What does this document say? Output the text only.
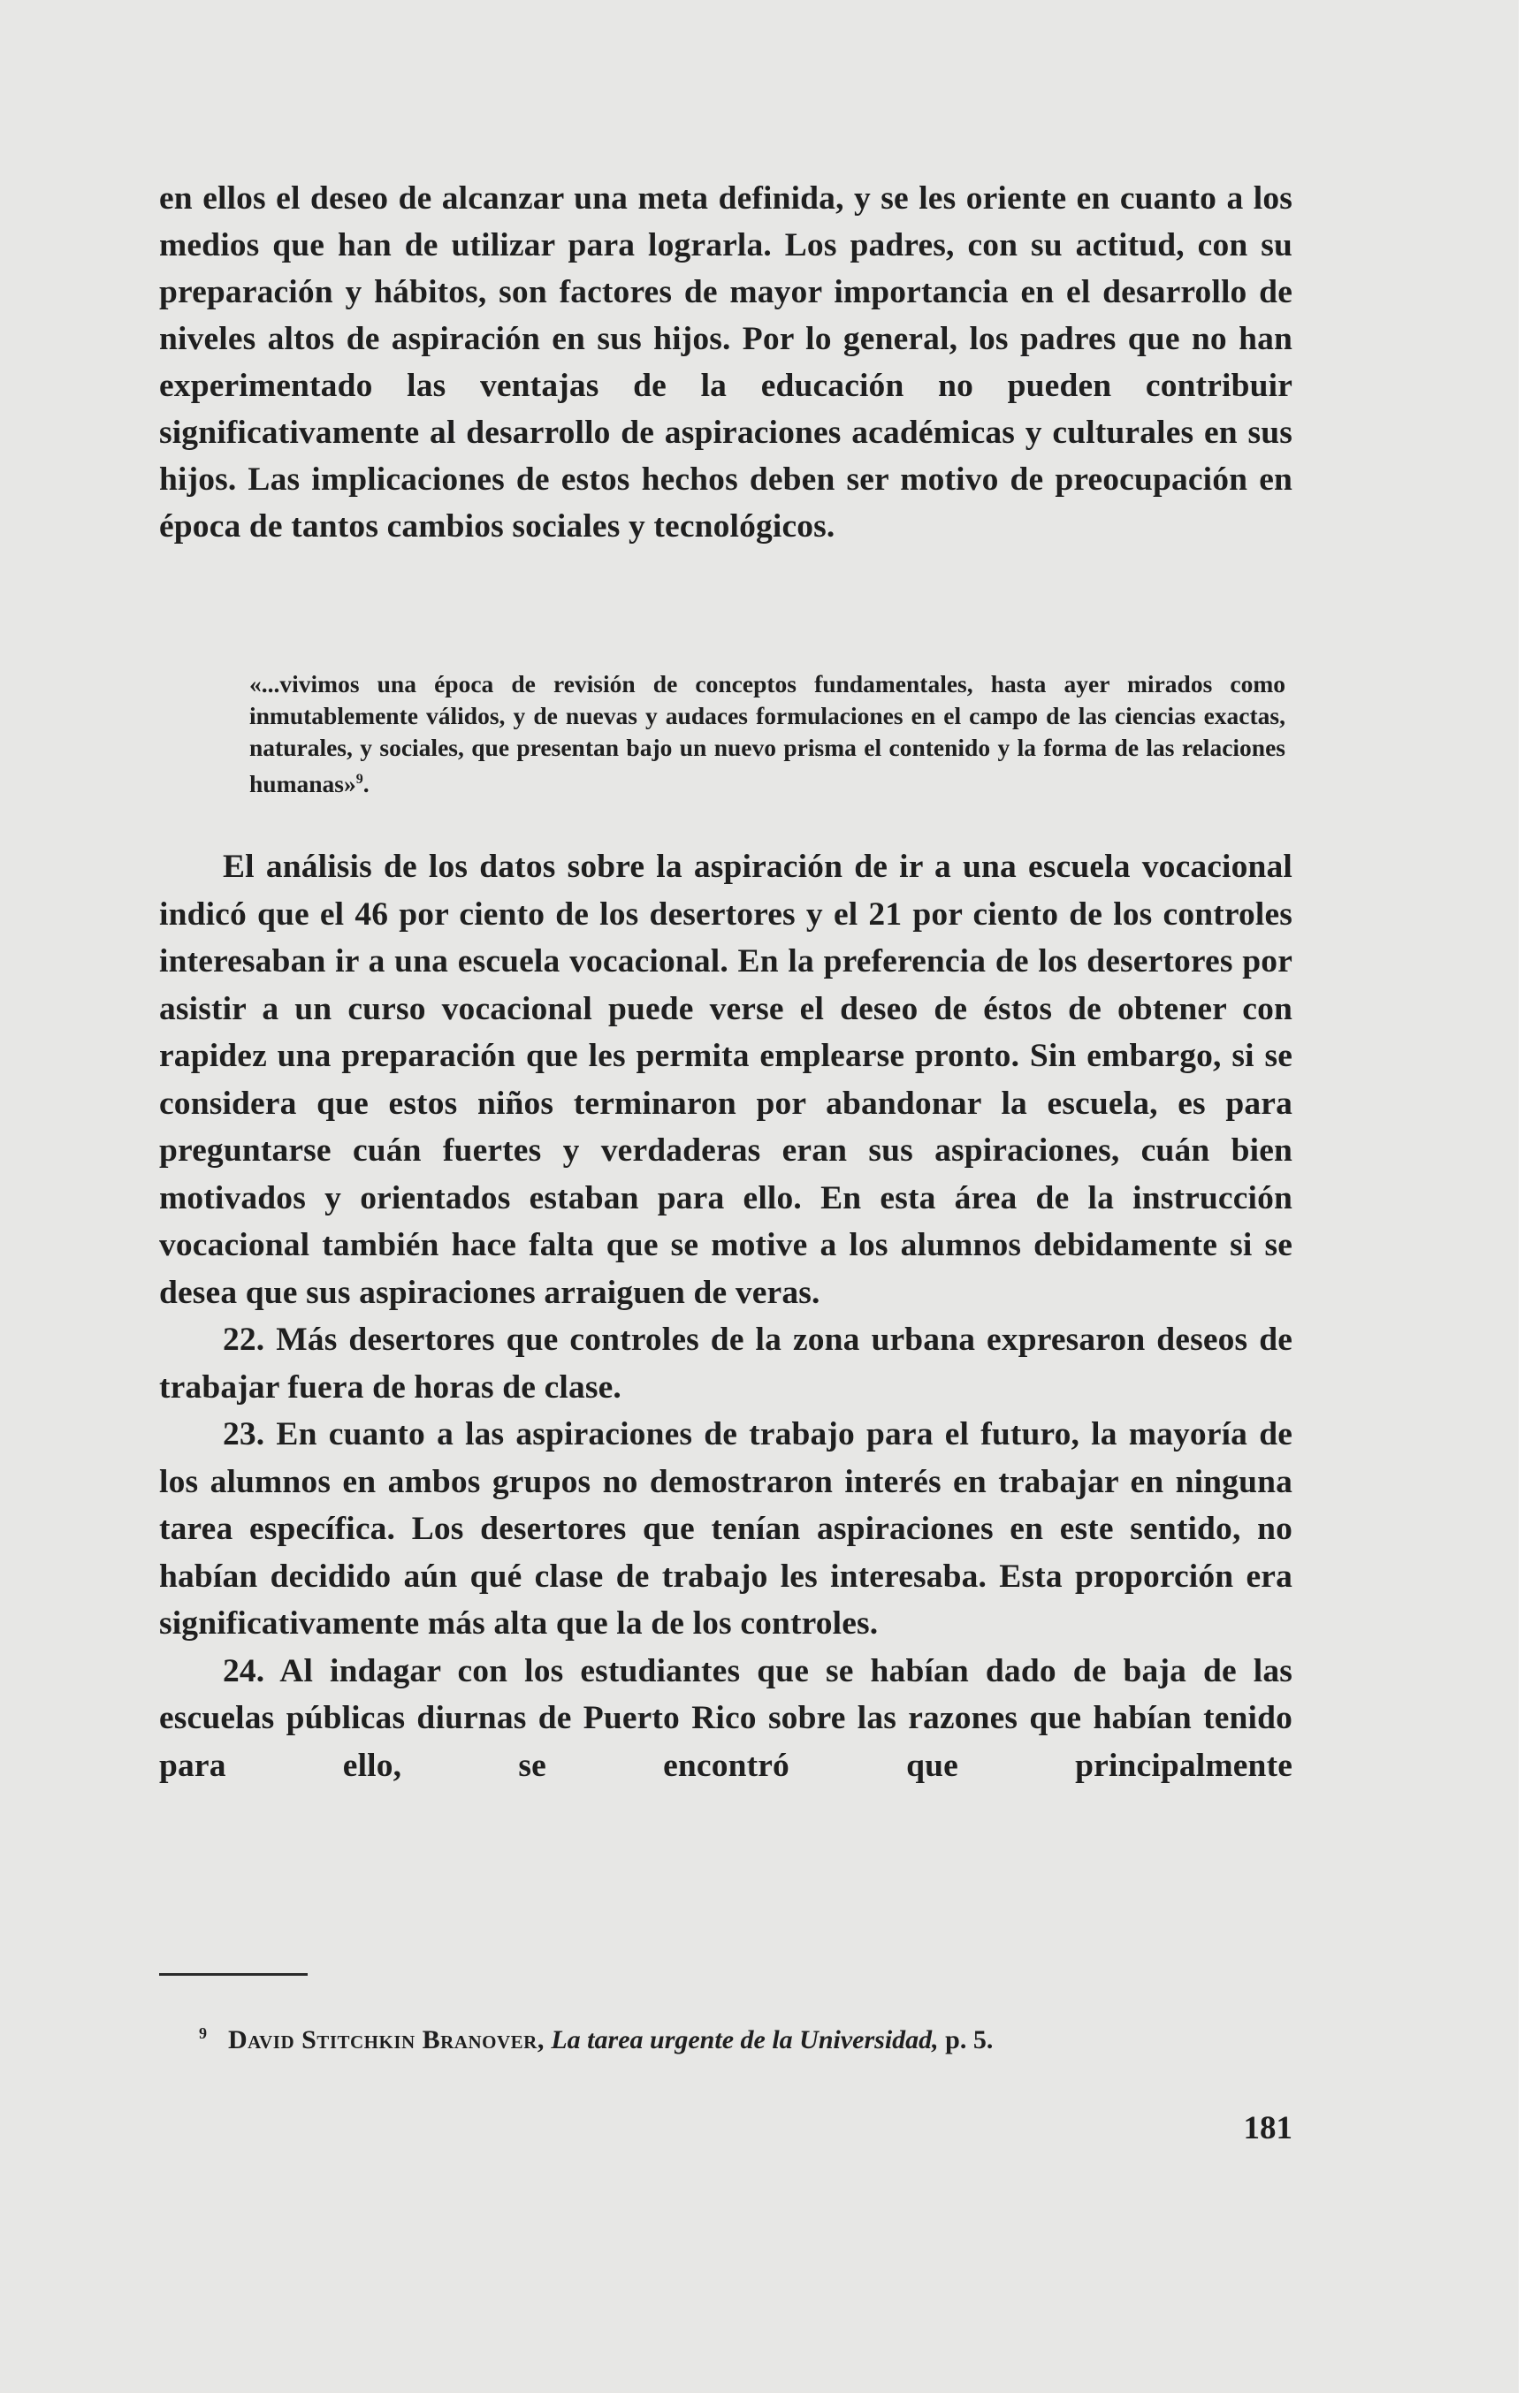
en ellos el deseo de alcanzar una meta definida, y se les oriente en cuanto a los medios que han de utilizar para lograrla. Los padres, con su actitud, con su preparación y hábitos, son factores de mayor importancia en el desarrollo de niveles altos de aspiración en sus hijos. Por lo general, los padres que no han experimentado las ventajas de la educación no pueden contribuir significativamente al desarrollo de aspiraciones académicas y culturales en sus hijos. Las implicaciones de estos hechos deben ser motivo de preocupación en época de tantos cambios sociales y tecnológicos.

«...vivimos una época de revisión de conceptos fundamentales, hasta ayer mirados como inmutablemente válidos, y de nuevas y audaces formulaciones en el campo de las ciencias exactas, naturales, y sociales, que presentan bajo un nuevo prisma el contenido y la forma de las relaciones humanas»$^9$.

El análisis de los datos sobre la aspiración de ir a una escuela vocacional indicó que el 46 por ciento de los desertores y el 21 por ciento de los controles interesaban ir a una escuela vocacional. En la preferencia de los desertores por asistir a un curso vocacional puede verse el deseo de éstos de obtener con rapidez una preparación que les permita emplearse pronto. Sin embargo, si se considera que estos niños terminaron por abandonar la escuela, es para preguntarse cuán fuertes y verdaderas eran sus aspiraciones, cuán bien motivados y orientados estaban para ello. En esta área de la instrucción vocacional también hace falta que se motive a los alumnos debidamente si se desea que sus aspiraciones arraiguen de veras.

22. Más desertores que controles de la zona urbana expresaron deseos de trabajar fuera de horas de clase.

23. En cuanto a las aspiraciones de trabajo para el futuro, la mayoría de los alumnos en ambos grupos no demostraron interés en trabajar en ninguna tarea específica. Los desertores que tenían aspiraciones en este sentido, no habían decidido aún qué clase de trabajo les interesaba. Esta proporción era significativamente más alta que la de los controles.

24. Al indagar con los estudiantes que se habían dado de baja de las escuelas públicas diurnas de Puerto Rico sobre las razones que habían tenido para ello, se encontró que principalmente

$^9$ David Stitchkin Branover, La tarea urgente de la Universidad, p. 5.
181
